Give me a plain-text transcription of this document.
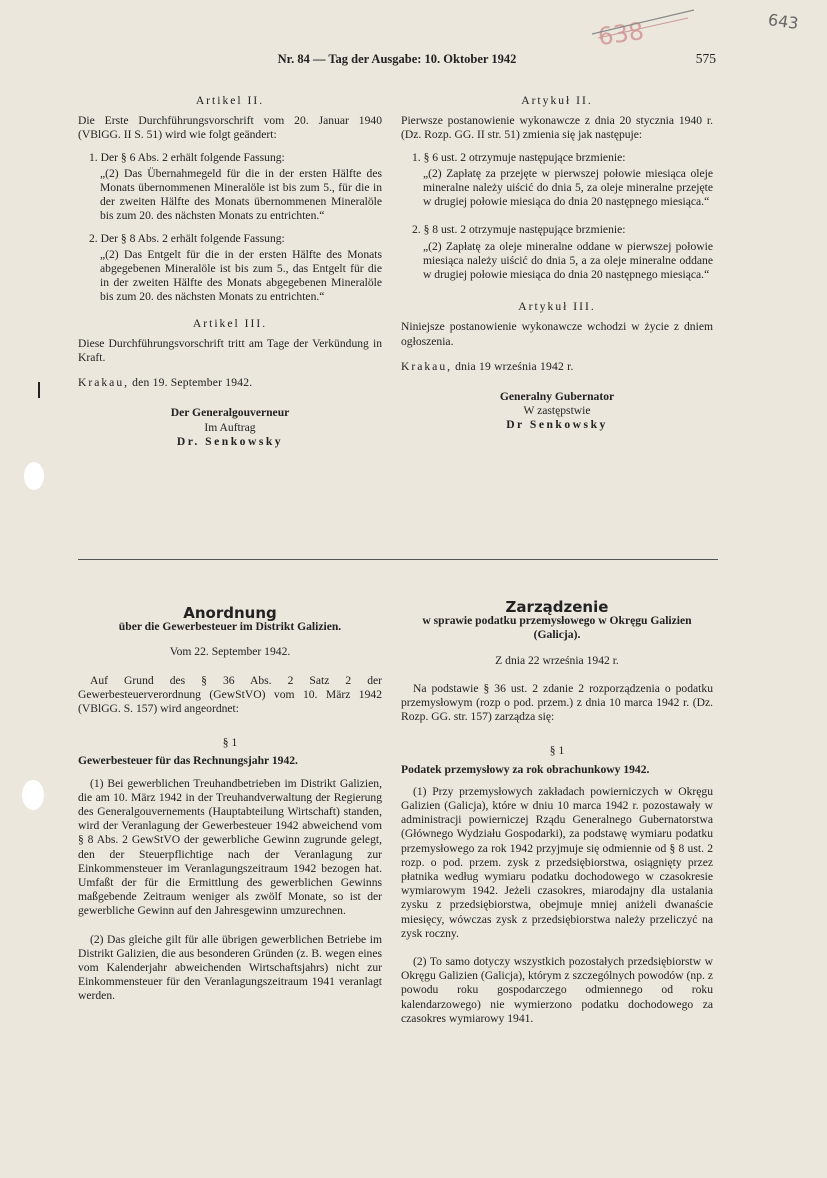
643
638
Nr. 84 — Tag der Ausgabe: 10. Oktober 1942	575

Artikel II.

Die Erste Durchführungsvorschrift vom 20. Januar 1940 (VBlGG. II S. 51) wird wie folgt geändert:

1. Der § 6 Abs. 2 erhält folgende Fassung:
„(2) Das Übernahmegeld für die in der ersten Hälfte des Monats übernommenen Mineralöle ist bis zum 5., für die in der zweiten Hälfte des Monats übernommenen Mineralöle bis zum 20. des nächsten Monats zu entrichten.“
2. Der § 8 Abs. 2 erhält folgende Fassung:
„(2) Das Entgelt für die in der ersten Hälfte des Monats abgegebenen Mineralöle ist bis zum 5., das Entgelt für die in der zweiten Hälfte des Monats abgegebenen Mineralöle bis zum 20. des nächsten Monats zu entrichten.“

Artikel III.

Diese Durchführungsvorschrift tritt am Tage der Verkündung in Kraft.

Krakau, den 19. September 1942.

Der Generalgouverneur
Im Auftrag
Dr. Senkowsky

Artykuł II.

Pierwsze postanowienie wykonawcze z dnia 20 stycznia 1940 r. (Dz. Rozp. GG. II str. 51) zmienia się jak następuje:

1. § 6 ust. 2 otrzymuje następujące brzmienie:
„(2) Zapłatę za przejęte w pierwszej połowie miesiąca oleje mineralne należy uiścić do dnia 5, za oleje mineralne przejęte w drugiej połowie miesiąca do dnia 20 następnego miesiąca.“
2. § 8 ust. 2 otrzymuje następujące brzmienie:
„(2) Zapłatę za oleje mineralne oddane w pierwszej połowie miesiąca należy uiścić do dnia 5, a za oleje mineralne oddane w drugiej połowie miesiąca do dnia 20 następnego miesiąca.“

Artykuł III.

Niniejsze postanowienie wykonawcze wchodzi w życie z dniem ogłoszenia.

Krakau, dnia 19 września 1942 r.

Generalny Gubernator
W zastępstwie
Dr Senkowsky
Anordnung
über die Gewerbesteuer im Distrikt Galizien.
Vom 22. September 1942.

Auf Grund des § 36 Abs. 2 Satz 2 der Gewerbesteuerverordnung (GewStVO) vom 10. März 1942 (VBlGG. S. 157) wird angeordnet:

§ 1
Gewerbesteuer für das Rechnungsjahr 1942.

(1) Bei gewerblichen Treuhandbetrieben im Distrikt Galizien, die am 10. März 1942 in der Treuhandverwaltung der Regierung des Generalgouvernements (Hauptabteilung Wirtschaft) standen, wird der Veranlagung der Gewerbesteuer 1942 abweichend vom § 8 Abs. 2 GewStVO der gewerbliche Gewinn zugrunde gelegt, den der Steuerpflichtige nach der Veranlagung zur Einkommensteuer im Veranlagungszeitraum 1942 bezogen hat. Umfaßt der für die Ermittlung des gewerblichen Gewinns maßgebende Zeitraum weniger als zwölf Monate, so ist der gewerbliche Gewinn auf den Jahresgewinn umzurechnen.

(2) Das gleiche gilt für alle übrigen gewerblichen Betriebe im Distrikt Galizien, die aus besonderen Gründen (z. B. wegen eines vom Kalenderjahr abweichenden Wirtschaftsjahrs) nicht zur Einkommensteuer für den Veranlagungszeitraum 1941 veranlagt werden.

Zarządzenie
w sprawie podatku przemysłowego w Okręgu Galizien (Galicja).
Z dnia 22 września 1942 r.

Na podstawie § 36 ust. 2 zdanie 2 rozporządzenia o podatku przemysłowym (rozp o pod. przem.) z dnia 10 marca 1942 r. (Dz. Rozp. GG. str. 157) zarządza się:

§ 1
Podatek przemysłowy za rok obrachunkowy 1942.

(1) Przy przemysłowych zakładach powierniczych w Okręgu Galizien (Galicja), które w dniu 10 marca 1942 r. pozostawały w administracji powierniczej Rządu Generalnego Gubernatorstwa (Głównego Wydziału Gospodarki), za podstawę wymiaru podatku przemysłowego za rok 1942 przyjmuje się odmiennie od § 8 ust. 2 rozp. o pod. przem. zysk z przedsiębiorstwa, osiągnięty przez płatnika według wymiaru podatku dochodowego w czasokresie wymiarowym 1942. Jeżeli czasokres, miarodajny dla ustalania zysku z przedsiębiorstwa, obejmuje mniej aniżeli dwanaście miesięcy, wówczas zysk z przedsiębiorstwa należy przeliczyć na zysk roczny.

(2) To samo dotyczy wszystkich pozostałych przedsiębiorstw w Okręgu Galizien (Galicja), którym z szczególnych powodów (np. z powodu roku gospodarczego odmiennego od roku kalendarzowego) nie wymierzono podatku dochodowego za czasokres wymiarowy 1941.
